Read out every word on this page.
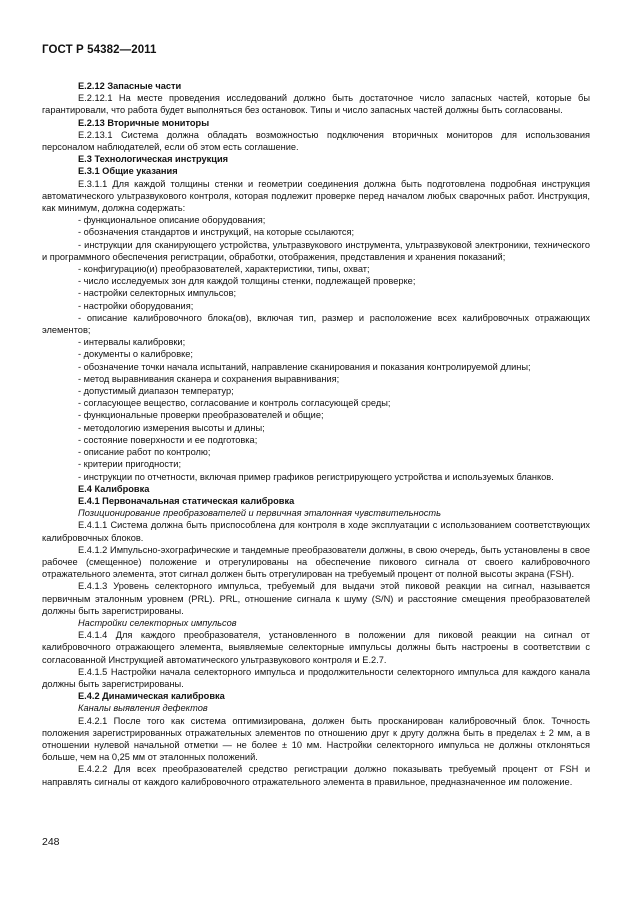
ГОСТ Р 54382—2011
Е.2.12 Запасные части
Е.2.12.1 На месте проведения исследований должно быть достаточное число запасных частей, которые бы гарантировали, что работа будет выполняться без остановок. Типы и число запасных частей должны быть согласованы.
Е.2.13 Вторичные мониторы
Е.2.13.1 Система должна обладать возможностью подключения вторичных мониторов для использования персоналом наблюдателей, если об этом есть соглашение.
Е.3 Технологическая инструкция
Е.3.1 Общие указания
Е.3.1.1 Для каждой толщины стенки и геометрии соединения должна быть подготовлена подробная инструкция автоматического ультразвукового контроля, которая подлежит проверке перед началом любых сварочных работ. Инструкция, как минимум, должна содержать:
- функциональное описание оборудования;
- обозначения стандартов и инструкций, на которые ссылаются;
- инструкции для сканирующего устройства, ультразвукового инструмента, ультразвуковой электроники, технического и программного обеспечения регистрации, обработки, отображения, представления и хранения показаний;
- конфигурацию(и) преобразователей, характеристики, типы, охват;
- число исследуемых зон для каждой толщины стенки, подлежащей проверке;
- настройки селекторных импульсов;
- настройки оборудования;
- описание калибровочного блока(ов), включая тип, размер и расположение всех калибровочных отражающих элементов;
- интервалы калибровки;
- документы о калибровке;
- обозначение точки начала испытаний, направление сканирования и показания контролируемой длины;
- метод выравнивания сканера и сохранения выравнивания;
- допустимый диапазон температур;
- согласующее вещество, согласование и контроль согласующей среды;
- функциональные проверки преобразователей и общие;
- методологию измерения высоты и длины;
- состояние поверхности и ее подготовка;
- описание работ по контролю;
- критерии пригодности;
- инструкции по отчетности, включая пример графиков регистрирующего устройства и используемых бланков.
Е.4 Калибровка
Е.4.1 Первоначальная статическая калибровка
Позиционирование преобразователей и первичная эталонная чувствительность
Е.4.1.1 Система должна быть приспособлена для контроля в ходе эксплуатации с использованием соответствующих калибровочных блоков.
Е.4.1.2 Импульсно-эхографические и тандемные преобразователи должны, в свою очередь, быть установлены в свое рабочее (смещенное) положение и отрегулированы на обеспечение пикового сигнала от своего калибровочного отражательного элемента, этот сигнал должен быть отрегулирован на требуемый процент от полной высоты экрана (FSH).
Е.4.1.3 Уровень селекторного импульса, требуемый для выдачи этой пиковой реакции на сигнал, называется первичным эталонным уровнем (PRL). PRL, отношение сигнала к шуму (S/N) и расстояние смещения преобразователей должны быть зарегистрированы.
Настройки селекторных импульсов
Е.4.1.4 Для каждого преобразователя, установленного в положении для пиковой реакции на сигнал от калибровочного отражающего элемента, выявляемые селекторные импульсы должны быть настроены в соответствии с согласованной Инструкцией автоматического ультразвукового контроля и Е.2.7.
Е.4.1.5 Настройки начала селекторного импульса и продолжительности селекторного импульса для каждого канала должны быть зарегистрированы.
Е.4.2 Динамическая калибровка
Каналы выявления дефектов
Е.4.2.1 После того как система оптимизирована, должен быть просканирован калибровочный блок. Точность положения зарегистрированных отражательных элементов по отношению друг к другу должна быть в пределах ± 2 мм, а в отношении нулевой начальной отметки — не более ± 10 мм. Настройки селекторного импульса не должны отклоняться больше, чем на 0,25 мм от эталонных положений.
Е.4.2.2 Для всех преобразователей средство регистрации должно показывать требуемый процент от FSH и направлять сигналы от каждого калибровочного отражательного элемента в правильное, предназначенное им положение.
248
